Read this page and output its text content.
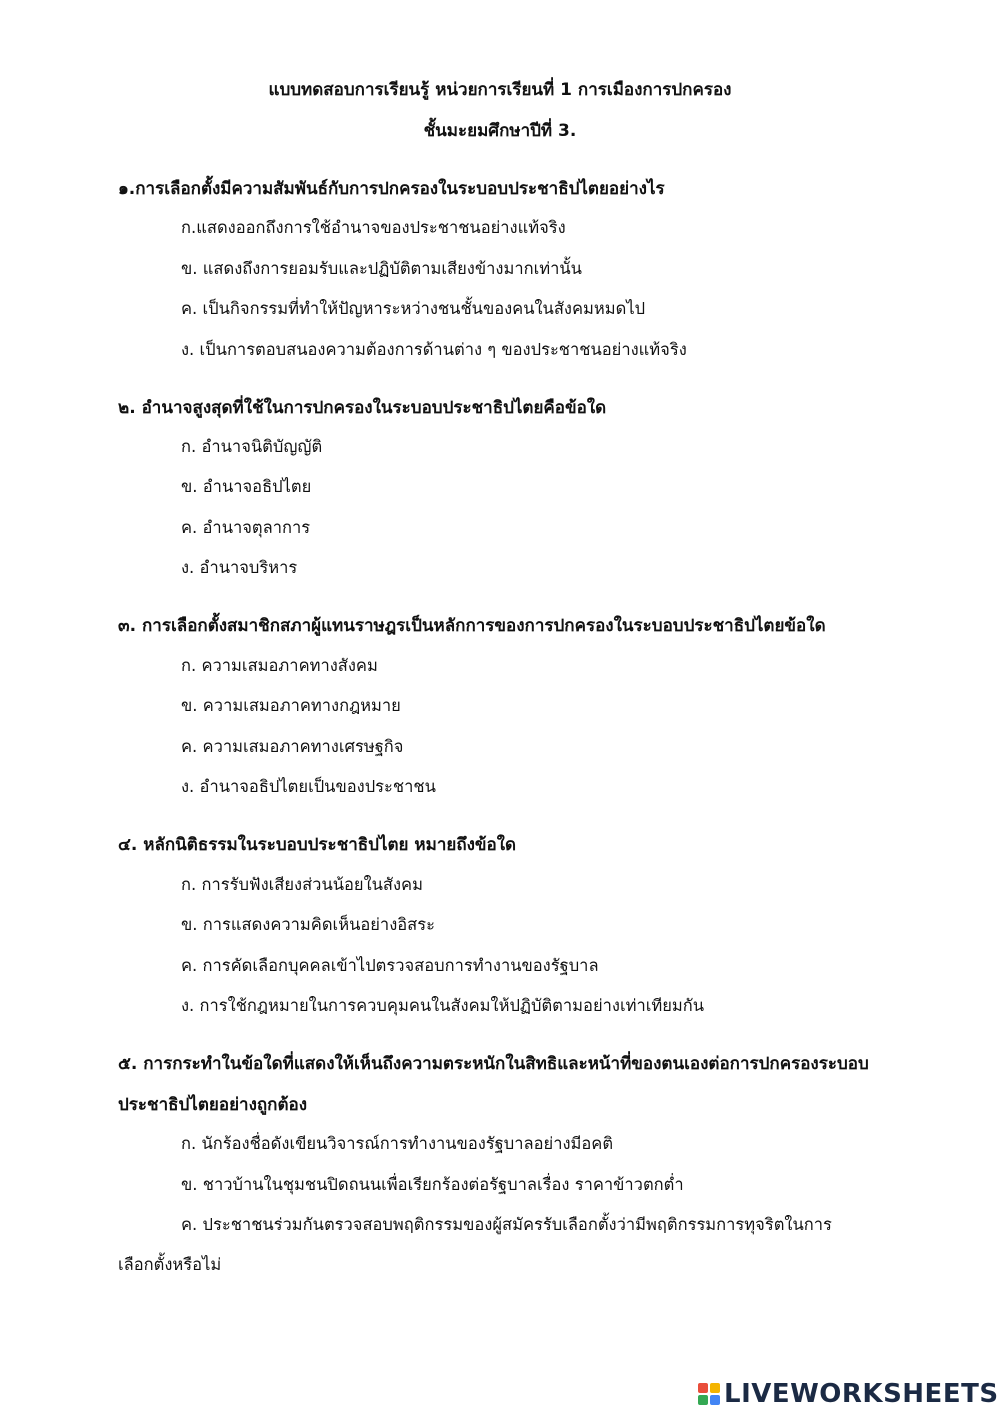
แบบทดสอบการเรียนรู้ หน่วยการเรียนที่ 1 การเมืองการปกครอง

ชั้นมะยมศึกษาปีที่ 3.

๑.การเลือกตั้งมีความสัมพันธ์กับการปกครองในระบอบประชาธิปไตยอย่างไร

ก.แสดงออกถึงการใช้อำนาจของประชาชนอย่างแท้จริง

ข. แสดงถึงการยอมรับและปฏิบัติตามเสียงข้างมากเท่านั้น

ค. เป็นกิจกรรมที่ทำให้ปัญหาระหว่างชนชั้นของคนในสังคมหมดไป

ง. เป็นการตอบสนองความต้องการด้านต่าง ๆ ของประชาชนอย่างแท้จริง

๒. อำนาจสูงสุดที่ใช้ในการปกครองในระบอบประชาธิปไตยคือข้อใด

ก. อำนาจนิติบัญญัติ

ข. อำนาจอธิปไตย

ค. อำนาจตุลาการ

ง. อำนาจบริหาร

๓. การเลือกตั้งสมาชิกสภาผู้แทนราษฎรเป็นหลักการของการปกครองในระบอบประชาธิปไตยข้อใด

ก. ความเสมอภาคทางสังคม

ข. ความเสมอภาคทางกฎหมาย

ค. ความเสมอภาคทางเศรษฐกิจ

ง. อำนาจอธิปไตยเป็นของประชาชน

๔. หลักนิติธรรมในระบอบประชาธิปไตย หมายถึงข้อใด

ก. การรับฟังเสียงส่วนน้อยในสังคม

ข. การแสดงความคิดเห็นอย่างอิสระ

ค. การคัดเลือกบุคคลเข้าไปตรวจสอบการทำงานของรัฐบาล

ง. การใช้กฎหมายในการควบคุมคนในสังคมให้ปฏิบัติตามอย่างเท่าเทียมกัน

๕. การกระทำในข้อใดที่แสดงให้เห็นถึงความตระหนักในสิทธิและหน้าที่ของตนเองต่อการปกครองระบอบ

ประชาธิปไตยอย่างถูกต้อง

ก. นักร้องชื่อดังเขียนวิจารณ์การทำงานของรัฐบาลอย่างมีอคติ

ข. ชาวบ้านในชุมชนปิดถนนเพื่อเรียกร้องต่อรัฐบาลเรื่อง ราคาข้าวตกต่ำ

ค. ประชาชนร่วมกันตรวจสอบพฤติกรรมของผู้สมัครรับเลือกตั้งว่ามีพฤติกรรมการทุจริตในการ

เลือกตั้งหรือไม่

LIVEWORKSHEETS
